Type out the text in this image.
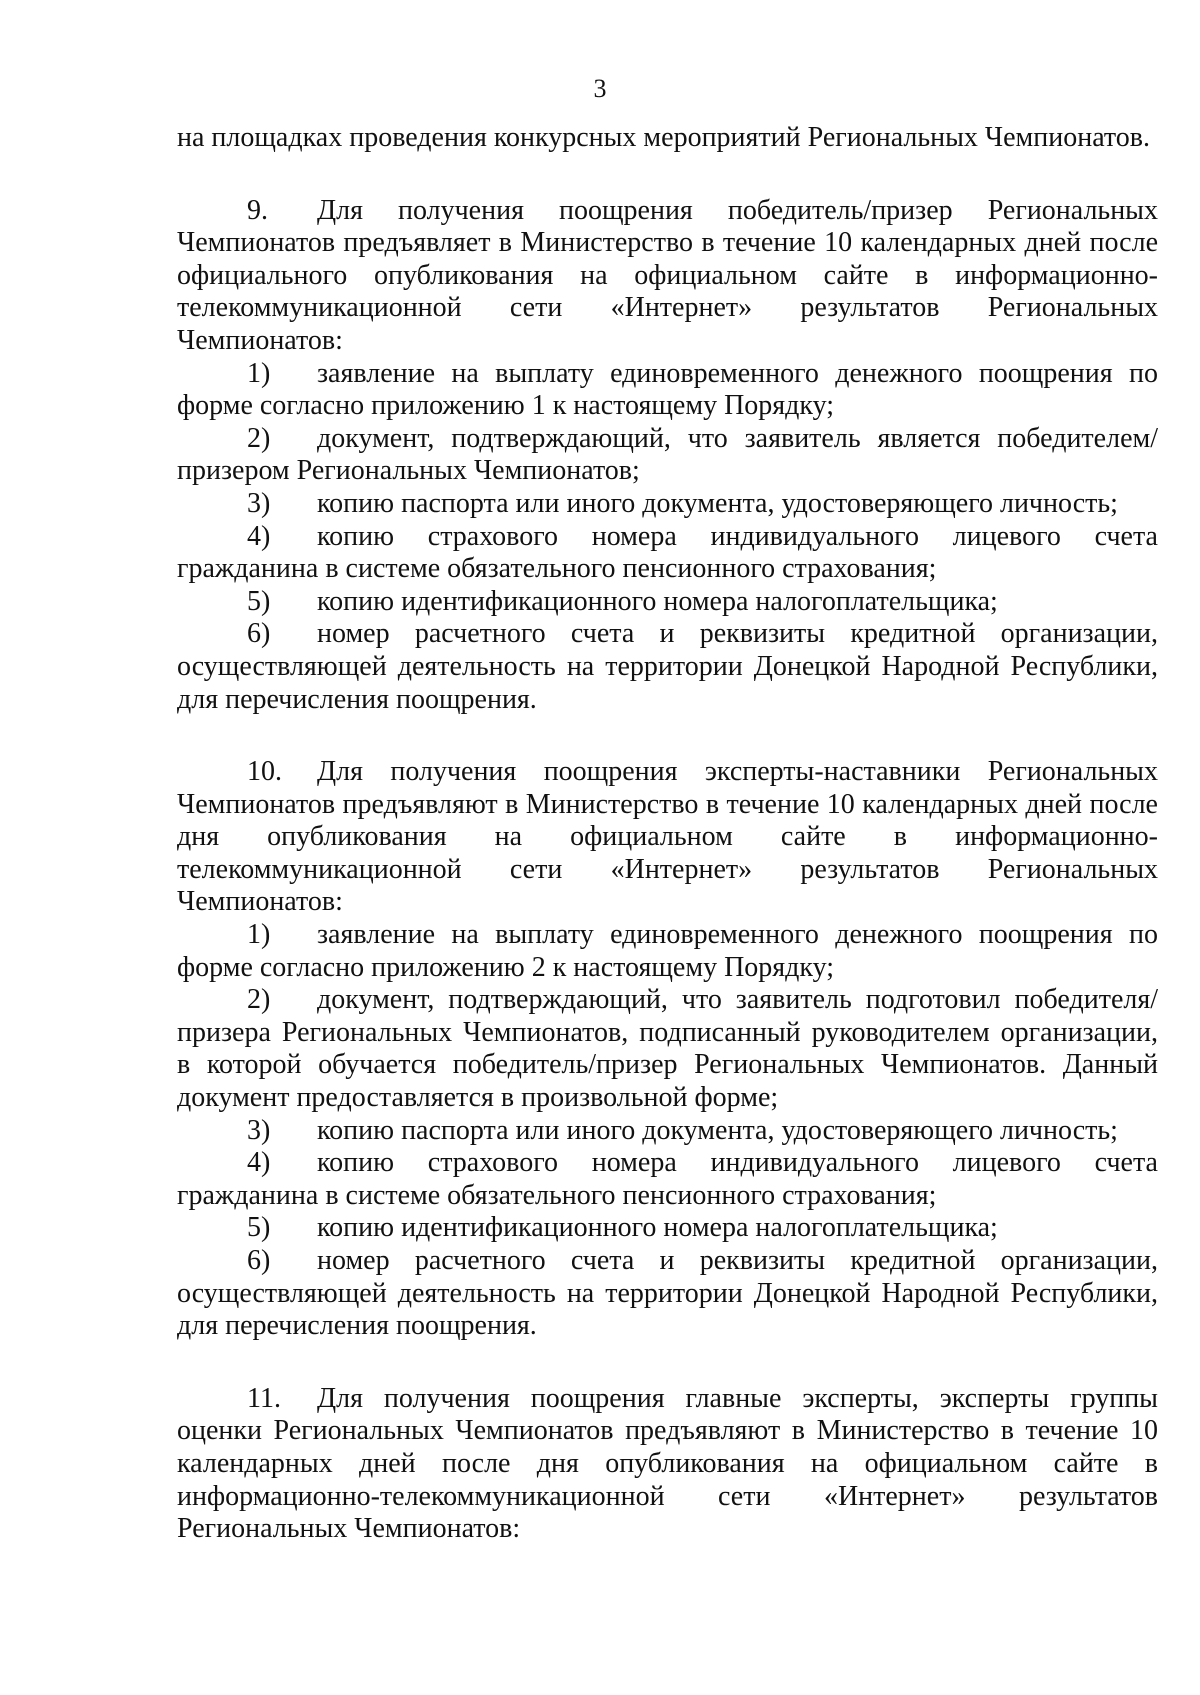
3

на площадках проведения конкурсных мероприятий Региональных Чемпионатов.

9. Для получения поощрения победитель/призер Региональных Чемпионатов предъявляет в Министерство в течение 10 календарных дней после официального опубликования на официальном сайте в информационно-телекоммуникационной сети «Интернет» результатов Региональных Чемпионатов:

1) заявление на выплату единовременного денежного поощрения по форме согласно приложению 1 к настоящему Порядку;

2) документ, подтверждающий, что заявитель является победителем/призером Региональных Чемпионатов;

3) копию паспорта или иного документа, удостоверяющего личность;

4) копию страхового номера индивидуального лицевого счета гражданина в системе обязательного пенсионного страхования;

5) копию идентификационного номера налогоплательщика;

6) номер расчетного счета и реквизиты кредитной организации, осуществляющей деятельность на территории Донецкой Народной Республики, для перечисления поощрения.

10. Для получения поощрения эксперты-наставники Региональных Чемпионатов предъявляют в Министерство в течение 10 календарных дней после дня опубликования на официальном сайте в информационно-телекоммуникационной сети «Интернет» результатов Региональных Чемпионатов:

1) заявление на выплату единовременного денежного поощрения по форме согласно приложению 2 к настоящему Порядку;

2) документ, подтверждающий, что заявитель подготовил победителя/призера Региональных Чемпионатов, подписанный руководителем организации, в которой обучается победитель/призер Региональных Чемпионатов. Данный документ предоставляется в произвольной форме;

3) копию паспорта или иного документа, удостоверяющего личность;

4) копию страхового номера индивидуального лицевого счета гражданина в системе обязательного пенсионного страхования;

5) копию идентификационного номера налогоплательщика;

6) номер расчетного счета и реквизиты кредитной организации, осуществляющей деятельность на территории Донецкой Народной Республики, для перечисления поощрения.

11. Для получения поощрения главные эксперты, эксперты группы оценки Региональных Чемпионатов предъявляют в Министерство в течение 10 календарных дней после дня опубликования на официальном сайте в информационно-телекоммуникационной сети «Интернет» результатов Региональных Чемпионатов:
